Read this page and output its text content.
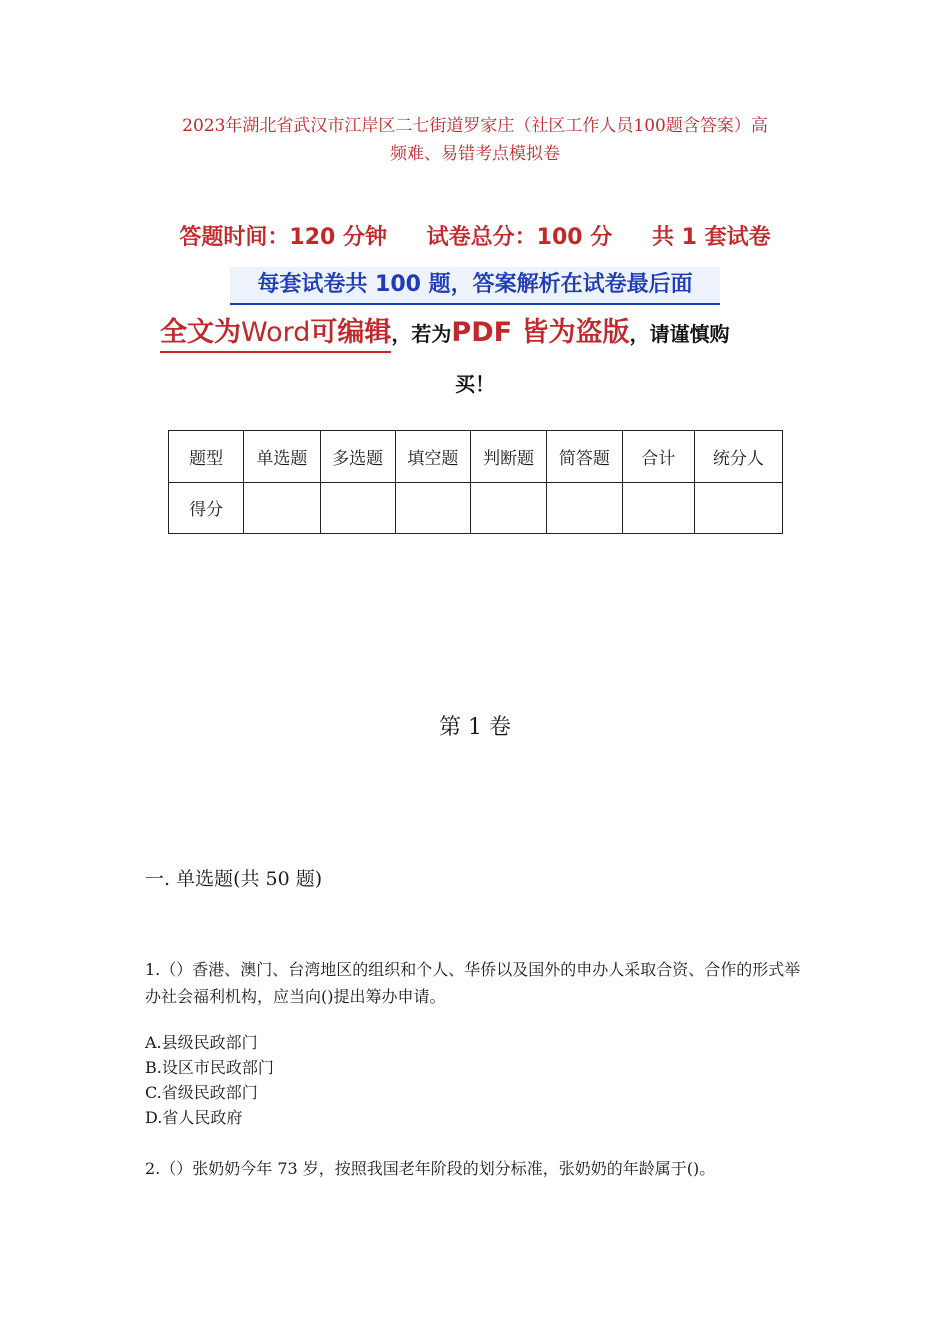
2023年湖北省武汉市江岸区二七街道罗家庄（社区工作人员100题含答案）高
频难、易错考点模拟卷
答题时间：120 分钟 试卷总分：100 分 共 1 套试卷
每套试卷共 100 题，答案解析在试卷最后面
全文为Word可编辑，若为PDF 皆为盗版，请谨慎购
买！
题型	单选题	多选题	填空题	判断题	简答题	合计	统分人
得分							
第 1 卷
一. 单选题(共 50 题)
1.（）香港、澳门、台湾地区的组织和个人、华侨以及国外的申办人采取合资、合作的形式举办社会福利机构，应当向()提出筹办申请。
A.县级民政部门
B.设区市民政部门
C.省级民政部门
D.省人民政府
2.（）张奶奶今年 73 岁，按照我国老年阶段的划分标准，张奶奶的年龄属于()。
